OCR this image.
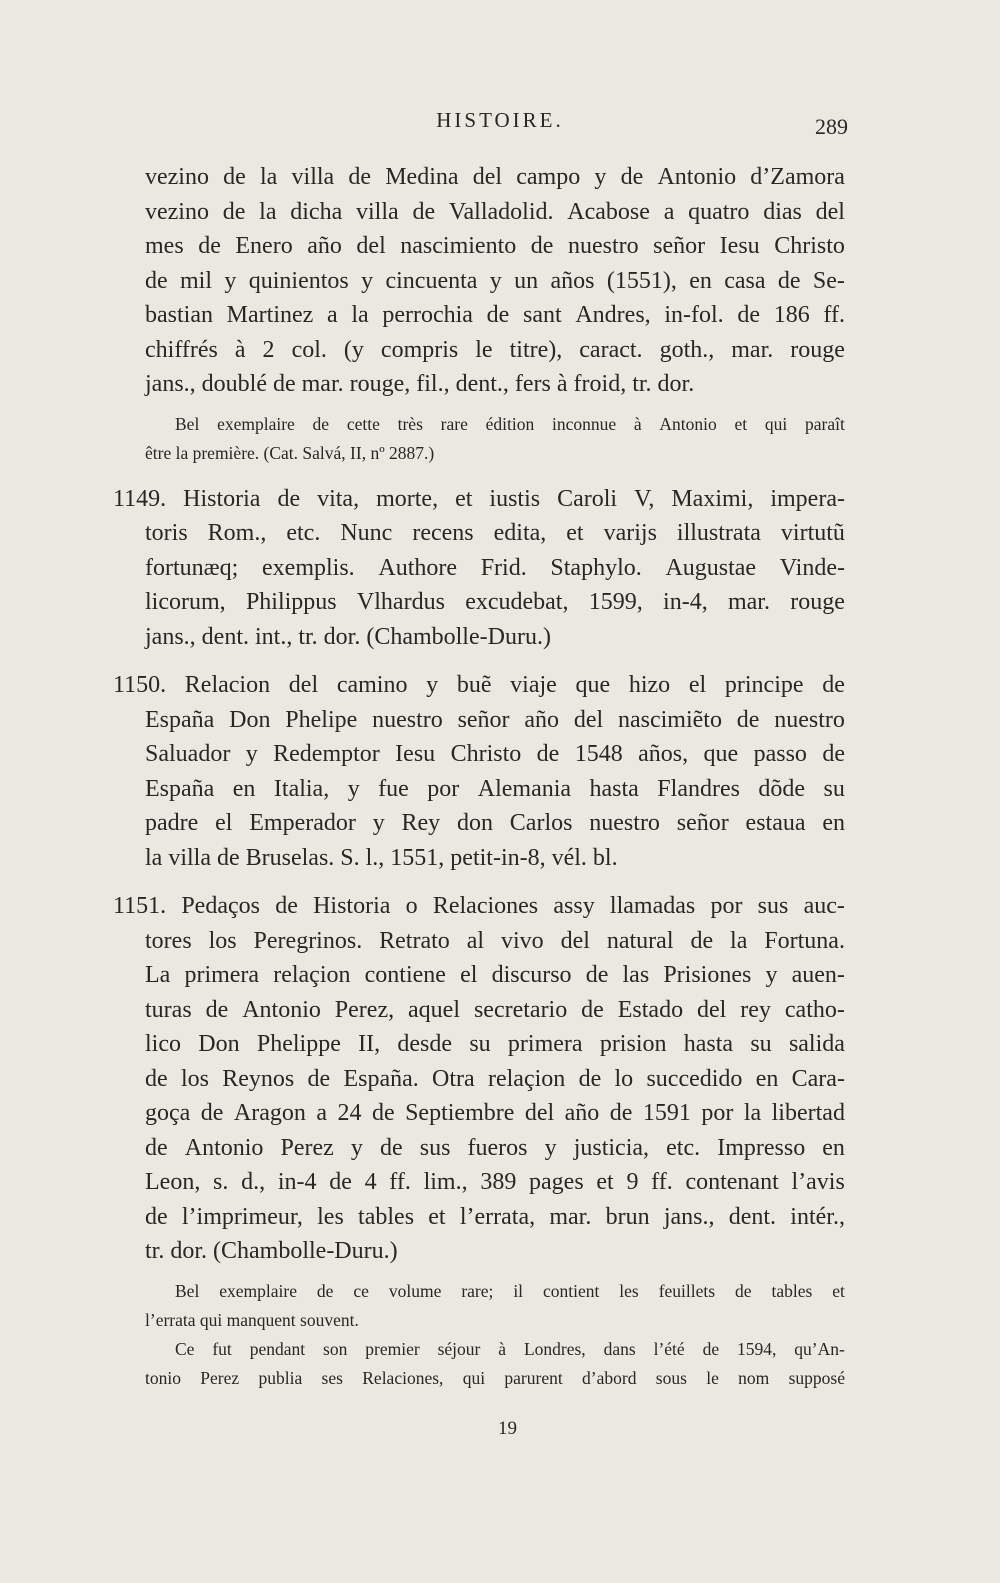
HISTOIRE.	289
vezino de la villa de Medina del campo y de Antonio d’Zamora
vezino de la dicha villa de Valladolid. Acabose a quatro dias del
mes de Enero año del nascimiento de nuestro señor Iesu Christo
de mil y quinientos y cincuenta y un años (1551), en casa de Se-
bastian Martinez a la perrochia de sant Andres, in-fol. de 186 ff.
chiffrés à 2 col. (y compris le titre), caract. goth., mar. rouge
jans., doublé de mar. rouge, fil., dent., fers à froid, tr. dor.
Bel exemplaire de cette très rare édition inconnue à Antonio et qui paraît
être la première. (Cat. Salvá, II, nº 2887.)
1149. Historia de vita, morte, et iustis Caroli V, Maximi, impera-
toris Rom., etc. Nunc recens edita, et varijs illustrata virtutũ
fortunæq; exemplis. Authore Frid. Staphylo. Augustae Vinde-
licorum, Philippus Vlhardus excudebat, 1599, in-4, mar. rouge
jans., dent. int., tr. dor. (Chambolle-Duru.)
1150. Relacion del camino y buẽ viaje que hizo el principe de
España Don Phelipe nuestro señor año del nascimiẽto de nuestro
Saluador y Redemptor Iesu Christo de 1548 años, que passo de
España en Italia, y fue por Alemania hasta Flandres dõde su
padre el Emperador y Rey don Carlos nuestro señor estaua en
la villa de Bruselas. S. l., 1551, petit-in-8, vél. bl.
1151. Pedaços de Historia o Relaciones assy llamadas por sus auc-
tores los Peregrinos. Retrato al vivo del natural de la Fortuna.
La primera relaçion contiene el discurso de las Prisiones y auen-
turas de Antonio Perez, aquel secretario de Estado del rey catho-
lico Don Phelippe II, desde su primera prision hasta su salida
de los Reynos de España. Otra relaçion de lo succedido en Cara-
goça de Aragon a 24 de Septiembre del año de 1591 por la libertad
de Antonio Perez y de sus fueros y justicia, etc. Impresso en
Leon, s. d., in-4 de 4 ff. lim., 389 pages et 9 ff. contenant l’avis
de l’imprimeur, les tables et l’errata, mar. brun jans., dent. intér.,
tr. dor. (Chambolle-Duru.)
Bel exemplaire de ce volume rare; il contient les feuillets de tables et
l’errata qui manquent souvent.
Ce fut pendant son premier séjour à Londres, dans l’été de 1594, qu’An-
tonio Perez publia ses Relaciones, qui parurent d’abord sous le nom supposé
19
